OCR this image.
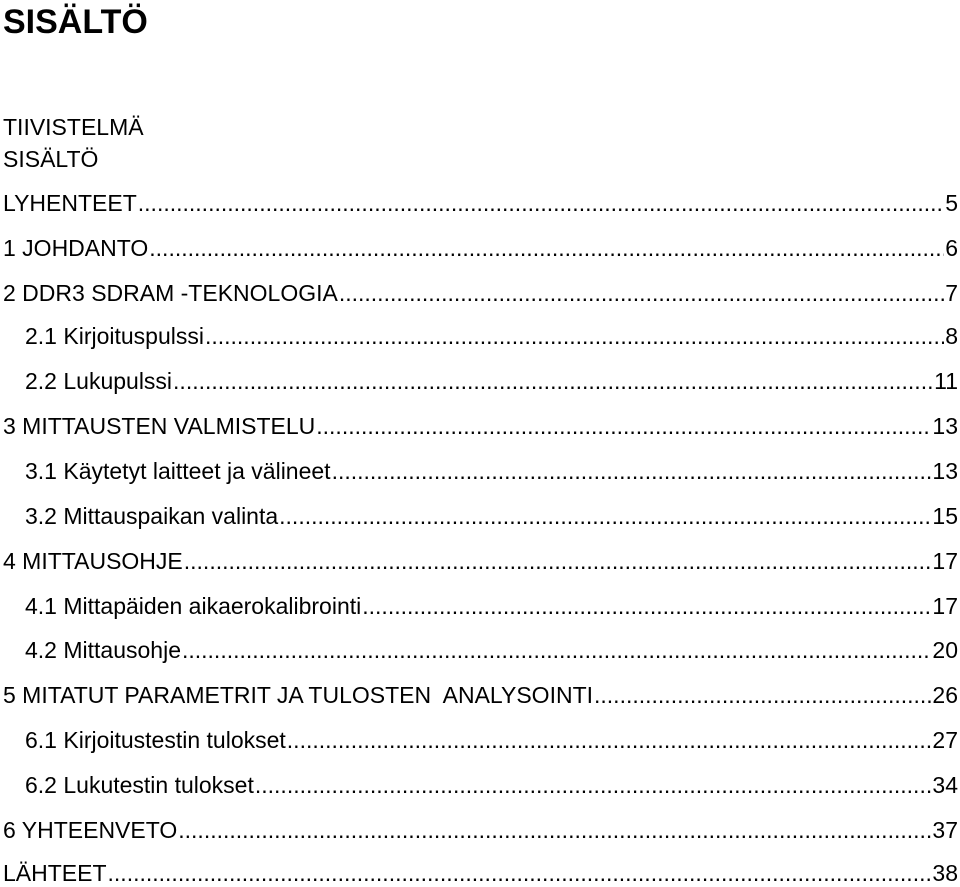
SISÄLTÖ
TIIVISTELMÄ
SISÄLTÖ
LYHENTEET .....	5
1 JOHDANTO .....	6
2 DDR3 SDRAM -TEKNOLOGIA .....	7
2.1 Kirjoituspulssi .....	8
2.2 Lukupulssi .....	11
3 MITTAUSTEN VALMISTELU .....	13
3.1 Käytetyt laitteet ja välineet .....	13
3.2 Mittauspaikan valinta .....	15
4 MITTAUSOHJE .....	17
4.1 Mittapäiden aikaerokalibrointi .....	17
4.2 Mittausohje .....	20
5 MITATUT PARAMETRIT JA TULOSTEN  ANALYSOINTI .....	26
6.1 Kirjoitustestin tulokset .....	27
6.2 Lukutestin tulokset .....	34
6 YHTEENVETO .....	37
LÄHTEET .....	38
